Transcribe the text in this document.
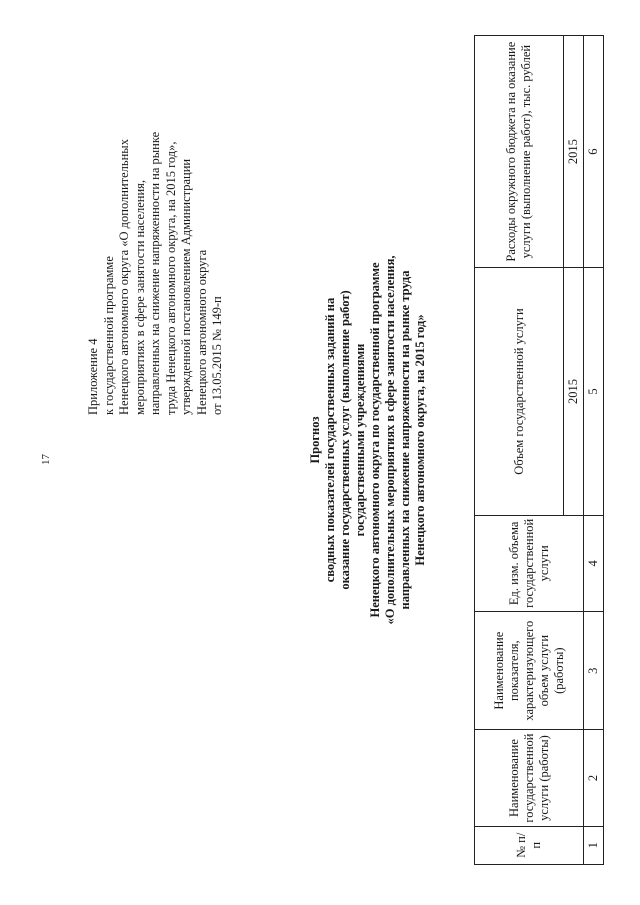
17
Приложение 4 к государственной программе Ненецкого автономного округа «О дополнительных мероприятиях в сфере занятости населения, направленных на снижение напряженности на рынке труда Ненецкого автономного округа, на 2015 год», утвержденной постановлением Администрации Ненецкого автономного округа от 13.05.2015 № 149-п
Прогноз сводных показателей государственных заданий на оказание государственных услуг (выполнение работ) государственными учреждениями Ненецкого автономного округа по государственной программе «О дополнительных мероприятиях в сфере занятости населения, направленных на снижение напряженности на рынке труда Ненецкого автономного округа, на 2015 год»
№ п/п	Наименование государственной услуги (работы)	Наименование показателя, характеризующего объем услуги (работы)	Ед. изм. объема государственной услуги	Объем государственной услуги	Расходы окружного бюджета на оказание услуги (выполнение работ), тыс. рублей
				2015	2015
1	2	3	4	5	6
